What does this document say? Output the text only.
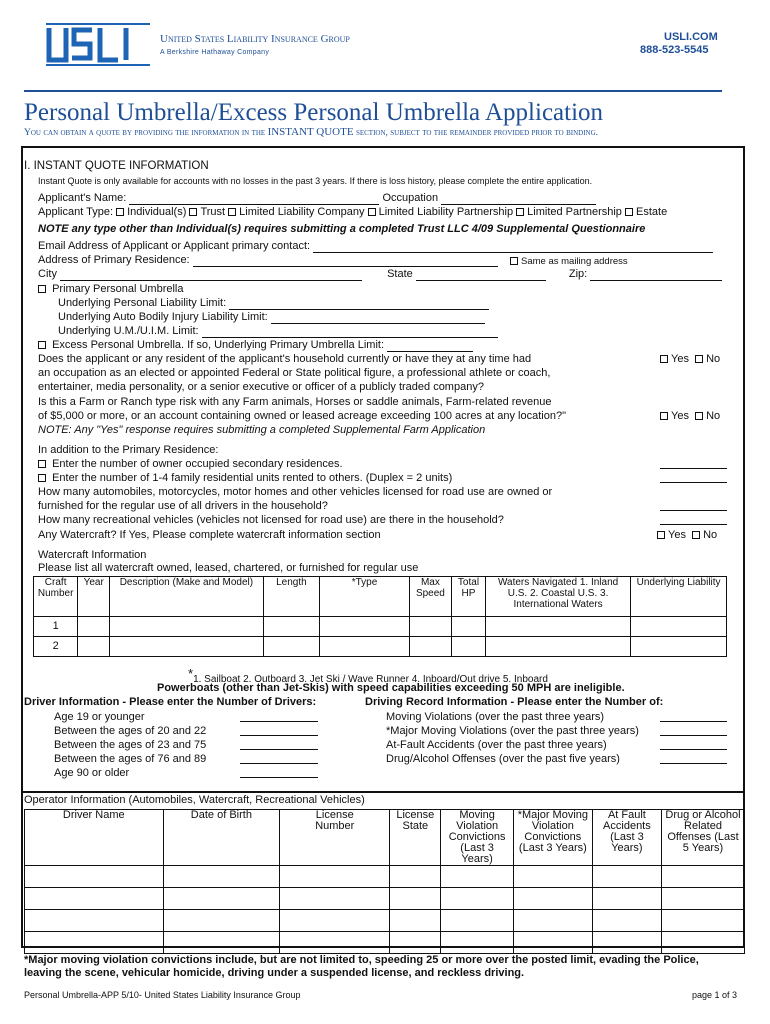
United States Liability Insurance Group
A Berkshire Hathaway Company
USLI.COM
888-523-5545
Personal Umbrella/Excess Personal Umbrella Application
You can obtain a quote by providing the information in the INSTANT QUOTE section, subject to the remainder provided prior to binding.
I. INSTANT QUOTE INFORMATION
Instant Quote is only available for accounts with no losses in the past 3 years. If there is loss history, please complete the entire application.
Applicant's Name:	Occupation
Applicant Type: Individual(s) Trust Limited Liability Company Limited Liability Partnership Limited Partnership Estate
NOTE any type other than Individual(s) requires submitting a completed Trust LLC 4/09 Supplemental Questionnaire
Email Address of Applicant or Applicant primary contact:
Address of Primary Residence:	Same as mailing address
City	State	Zip:
Primary Personal Umbrella
Underlying Personal Liability Limit:
Underlying Auto Bodily Injury Liability Limit:
Underlying U.M./U.I.M. Limit:
Excess Personal Umbrella. If so, Underlying Primary Umbrella Limit:
Does the applicant or any resident of the applicant's household currently or have they at any time had
an occupation as an elected or appointed Federal or State political figure, a professional athlete or coach,
entertainer, media personality, or a senior executive or officer of a publicly traded company?
Yes No
Is this a Farm or Ranch type risk with any Farm animals, Horses or saddle animals, Farm-related revenue
of $5,000 or more, or an account containing owned or leased acreage exceeding 100 acres at any location?"	Yes No
NOTE: Any "Yes" response requires submitting a completed Supplemental Farm Application
In addition to the Primary Residence:
Enter the number of owner occupied secondary residences.
Enter the number of 1-4 family residential units rented to others. (Duplex = 2 units)
How many automobiles, motorcycles, motor homes and other vehicles licensed for road use are owned or
furnished for the regular use of all drivers in the household?
How many recreational vehicles (vehicles not licensed for road use) are there in the household?
Any Watercraft? If Yes, Please complete watercraft information section	Yes No
Watercraft Information
Please list all watercraft owned, leased, chartered, or furnished for regular use
Craft Number	Year	Description (Make and Model)	Length	*Type	Max Speed	Total HP	Waters Navigated 1. Inland U.S. 2. Coastal U.S. 3. International Waters	Underlying Liability
1								
2								
*1. Sailboat 2. Outboard 3. Jet Ski / Wave Runner 4. Inboard/Out drive 5. Inboard
Powerboats (other than Jet-Skis) with speed capabilities exceeding 50 MPH are ineligible.
Driver Information - Please enter the Number of Drivers:
Age 19 or younger
Between the ages of 20 and 22
Between the ages of 23 and 75
Between the ages of 76 and 89
Age 90 or older
Driving Record Information - Please enter the Number of:
Moving Violations (over the past three years)
*Major Moving Violations (over the past three years)
At-Fault Accidents (over the past three years)
Drug/Alcohol Offenses (over the past five years)
Operator Information (Automobiles, Watercraft, Recreational Vehicles)
Driver Name	Date of Birth	License Number	License State	Moving Violation Convictions (Last 3 Years)	*Major Moving Violation Convictions (Last 3 Years)	At Fault Accidents (Last 3 Years)	Drug or Alcohol Related Offenses (Last 5 Years)

*Major moving violation convictions include, but are not limited to, speeding 25 or more over the posted limit, evading the Police, leaving the scene, vehicular homicide, driving under a suspended license, and reckless driving.
Personal Umbrella-APP 5/10- United States Liability Insurance Group	page 1 of 3
